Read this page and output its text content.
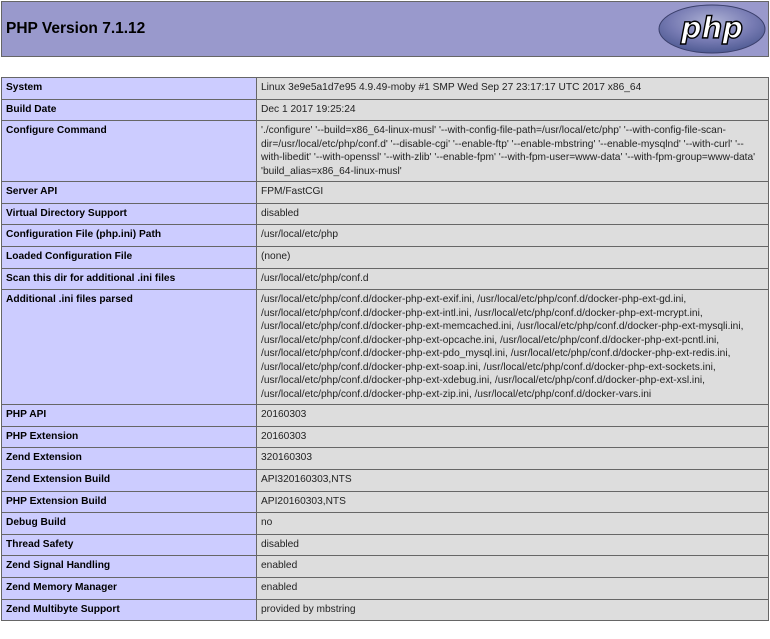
PHP Version 7.1.12	php
System	Linux 3e9e5a1d7e95 4.9.49-moby #1 SMP Wed Sep 27 23:17:17 UTC 2017 x86_64
Build Date	Dec 1 2017 19:25:24
Configure Command	'./configure' '--build=x86_64-linux-musl' '--with-config-file-path=/usr/local/etc/php' '--with-config-file-scan-dir=/usr/local/etc/php/conf.d' '--disable-cgi' '--enable-ftp' '--enable-mbstring' '--enable-mysqlnd' '--with-curl' '--with-libedit' '--with-openssl' '--with-zlib' '--enable-fpm' '--with-fpm-user=www-data' '--with-fpm-group=www-data' 'build_alias=x86_64-linux-musl'
Server API	FPM/FastCGI
Virtual Directory Support	disabled
Configuration File (php.ini) Path	/usr/local/etc/php
Loaded Configuration File	(none)
Scan this dir for additional .ini files	/usr/local/etc/php/conf.d
Additional .ini files parsed	/usr/local/etc/php/conf.d/docker-php-ext-exif.ini, /usr/local/etc/php/conf.d/docker-php-ext-gd.ini, /usr/local/etc/php/conf.d/docker-php-ext-intl.ini, /usr/local/etc/php/conf.d/docker-php-ext-mcrypt.ini, /usr/local/etc/php/conf.d/docker-php-ext-memcached.ini, /usr/local/etc/php/conf.d/docker-php-ext-mysqli.ini, /usr/local/etc/php/conf.d/docker-php-ext-opcache.ini, /usr/local/etc/php/conf.d/docker-php-ext-pcntl.ini, /usr/local/etc/php/conf.d/docker-php-ext-pdo_mysql.ini, /usr/local/etc/php/conf.d/docker-php-ext-redis.ini, /usr/local/etc/php/conf.d/docker-php-ext-soap.ini, /usr/local/etc/php/conf.d/docker-php-ext-sockets.ini, /usr/local/etc/php/conf.d/docker-php-ext-xdebug.ini, /usr/local/etc/php/conf.d/docker-php-ext-xsl.ini, /usr/local/etc/php/conf.d/docker-php-ext-zip.ini, /usr/local/etc/php/conf.d/docker-vars.ini
PHP API	20160303
PHP Extension	20160303
Zend Extension	320160303
Zend Extension Build	API320160303,NTS
PHP Extension Build	API20160303,NTS
Debug Build	no
Thread Safety	disabled
Zend Signal Handling	enabled
Zend Memory Manager	enabled
Zend Multibyte Support	provided by mbstring
